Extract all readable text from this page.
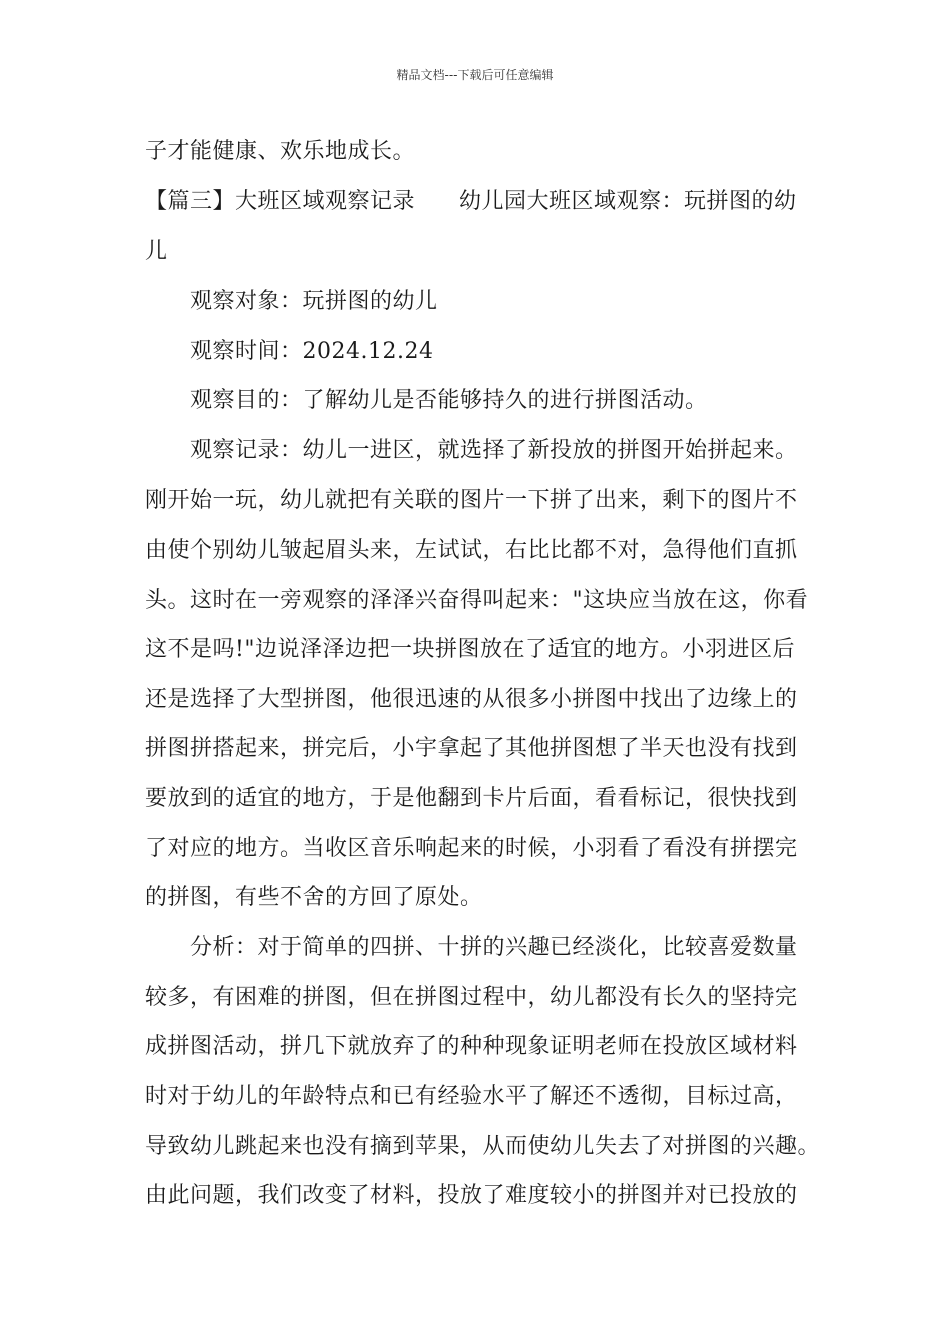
精品文档---下载后可任意编辑
子才能健康、欢乐地成长。
【篇三】大班区域观察记录 幼儿园大班区域观察：玩拼图的幼
儿
观察对象：玩拼图的幼儿
观察时间：2024.12.24
观察目的：了解幼儿是否能够持久的进行拼图活动。
观察记录：幼儿一进区，就选择了新投放的拼图开始拼起来。
刚开始一玩，幼儿就把有关联的图片一下拼了出来，剩下的图片不
由使个别幼儿皱起眉头来，左试试，右比比都不对，急得他们直抓
头。这时在一旁观察的泽泽兴奋得叫起来："这块应当放在这，你看
这不是吗!"边说泽泽边把一块拼图放在了适宜的地方。小羽进区后
还是选择了大型拼图，他很迅速的从很多小拼图中找出了边缘上的
拼图拼搭起来，拼完后，小宇拿起了其他拼图想了半天也没有找到
要放到的适宜的地方，于是他翻到卡片后面，看看标记，很快找到
了对应的地方。当收区音乐响起来的时候，小羽看了看没有拼摆完
的拼图，有些不舍的方回了原处。
分析：对于简单的四拼、十拼的兴趣已经淡化，比较喜爱数量
较多，有困难的拼图，但在拼图过程中，幼儿都没有长久的坚持完
成拼图活动，拼几下就放弃了的种种现象证明老师在投放区域材料
时对于幼儿的年龄特点和已有经验水平了解还不透彻，目标过高，
导致幼儿跳起来也没有摘到苹果，从而使幼儿失去了对拼图的兴趣。
由此问题，我们改变了材料，投放了难度较小的拼图并对已投放的
